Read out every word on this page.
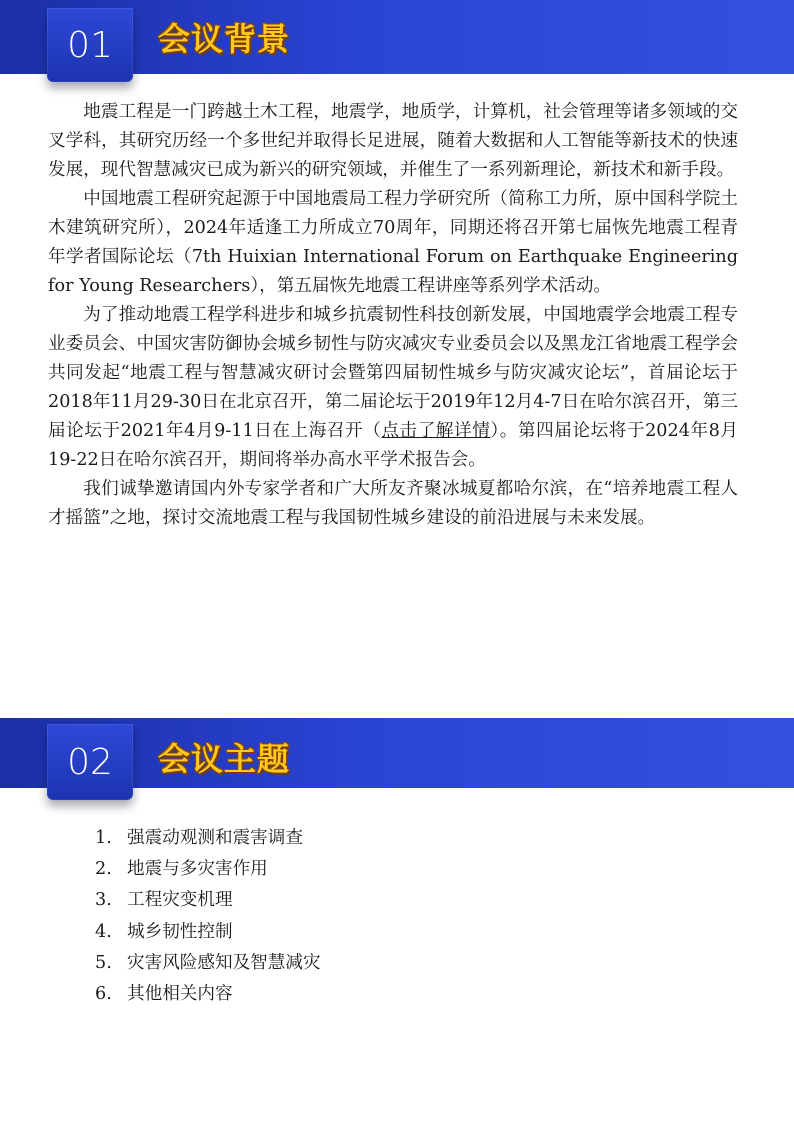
01	会议背景

地震工程是一门跨越土木工程，地震学，地质学，计算机，社会管理等诸多领域的交叉学科，其研究历经一个多世纪并取得长足进展，随着大数据和人工智能等新技术的快速发展，现代智慧减灾已成为新兴的研究领域，并催生了一系列新理论，新技术和新手段。

中国地震工程研究起源于中国地震局工程力学研究所（简称工力所，原中国科学院土木建筑研究所），2024年适逢工力所成立70周年，同期还将召开第七届恢先地震工程青年学者国际论坛（7th Huixian International Forum on Earthquake Engineering for Young Researchers），第五届恢先地震工程讲座等系列学术活动。

为了推动地震工程学科进步和城乡抗震韧性科技创新发展，中国地震学会地震工程专业委员会、中国灾害防御协会城乡韧性与防灾减灾专业委员会以及黑龙江省地震工程学会共同发起“地震工程与智慧减灾研讨会暨第四届韧性城乡与防灾减灾论坛”，首届论坛于2018年11月29-30日在北京召开，第二届论坛于2019年12月4-7日在哈尔滨召开，第三届论坛于2021年4月9-11日在上海召开（点击了解详情）。第四届论坛将于2024年8月19-22日在哈尔滨召开，期间将举办高水平学术报告会。

我们诚挚邀请国内外专家学者和广大所友齐聚冰城夏都哈尔滨，在“培养地震工程人才摇篮”之地，探讨交流地震工程与我国韧性城乡建设的前沿进展与未来发展。

02	会议主题
1. 强震动观测和震害调查
2. 地震与多灾害作用
3. 工程灾变机理
4. 城乡韧性控制
5. 灾害风险感知及智慧减灾
6. 其他相关内容
